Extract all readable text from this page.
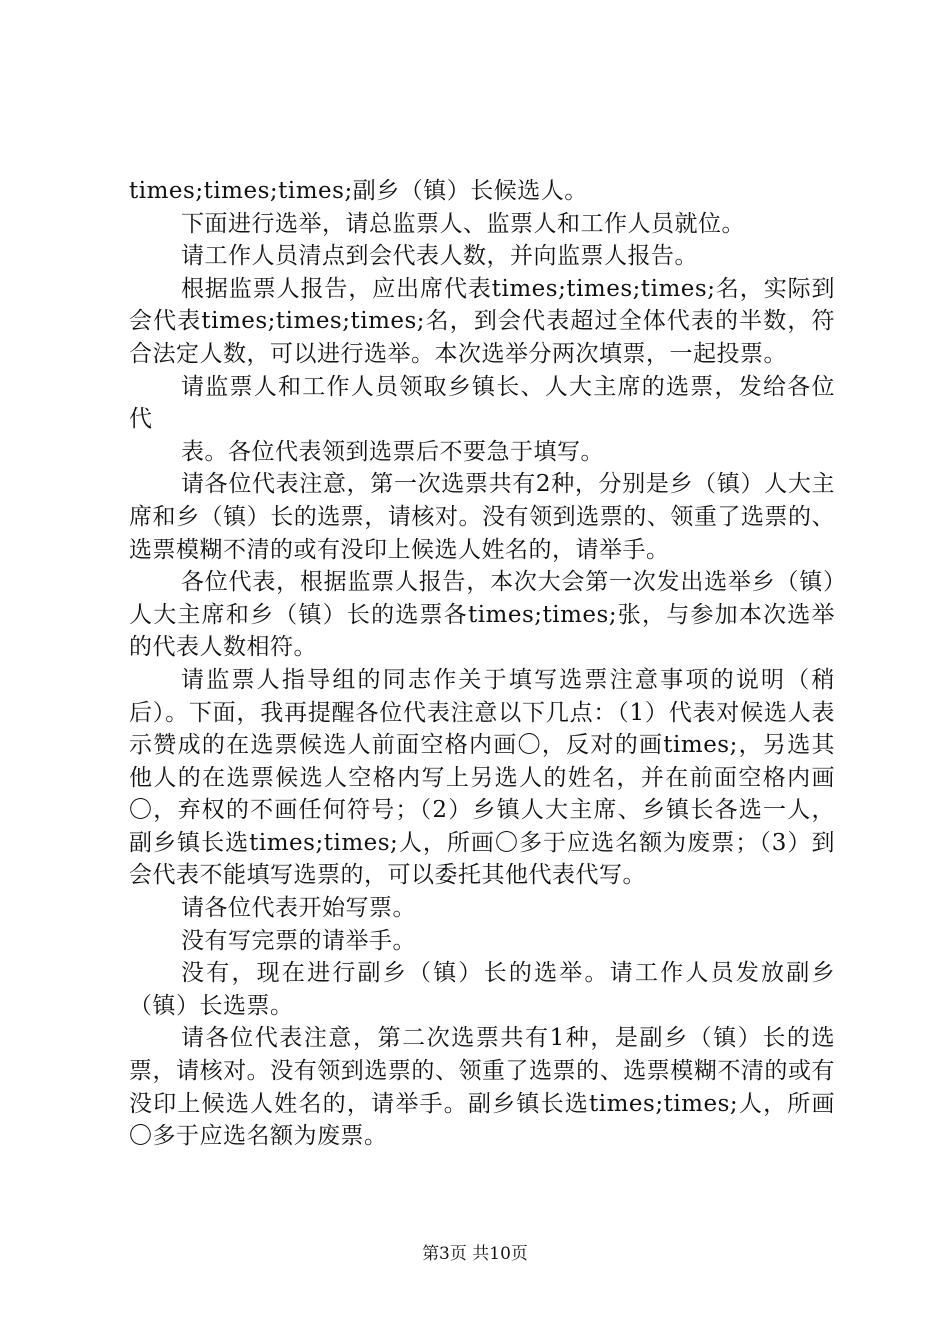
times;times;times;副乡（镇）长候选人。

下面进行选举，请总监票人、监票人和工作人员就位。

请工作人员清点到会代表人数，并向监票人报告。

根据监票人报告，应出席代表times;times;times;名，实际到会代表times;times;times;名，到会代表超过全体代表的半数，符合法定人数，可以进行选举。本次选举分两次填票，一起投票。

请监票人和工作人员领取乡镇长、人大主席的选票，发给各位代

表。各位代表领到选票后不要急于填写。

请各位代表注意，第一次选票共有2种，分别是乡（镇）人大主席和乡（镇）长的选票，请核对。没有领到选票的、领重了选票的、选票模糊不清的或有没印上候选人姓名的，请举手。

各位代表，根据监票人报告，本次大会第一次发出选举乡（镇）人大主席和乡（镇）长的选票各times;times;张，与参加本次选举的代表人数相符。

请监票人指导组的同志作关于填写选票注意事项的说明（稍后）。下面，我再提醒各位代表注意以下几点：（1）代表对候选人表示赞成的在选票候选人前面空格内画〇，反对的画times;，另选其他人的在选票候选人空格内写上另选人的姓名，并在前面空格内画〇，弃权的不画任何符号；（2）乡镇人大主席、乡镇长各选一人，副乡镇长选times;times;人，所画〇多于应选名额为废票；（3）到会代表不能填写选票的，可以委托其他代表代写。

请各位代表开始写票。

没有写完票的请举手。

没有，现在进行副乡（镇）长的选举。请工作人员发放副乡（镇）长选票。

请各位代表注意，第二次选票共有1种，是副乡（镇）长的选票，请核对。没有领到选票的、领重了选票的、选票模糊不清的或有没印上候选人姓名的，请举手。副乡镇长选times;times;人，所画〇多于应选名额为废票。

第3页 共10页
